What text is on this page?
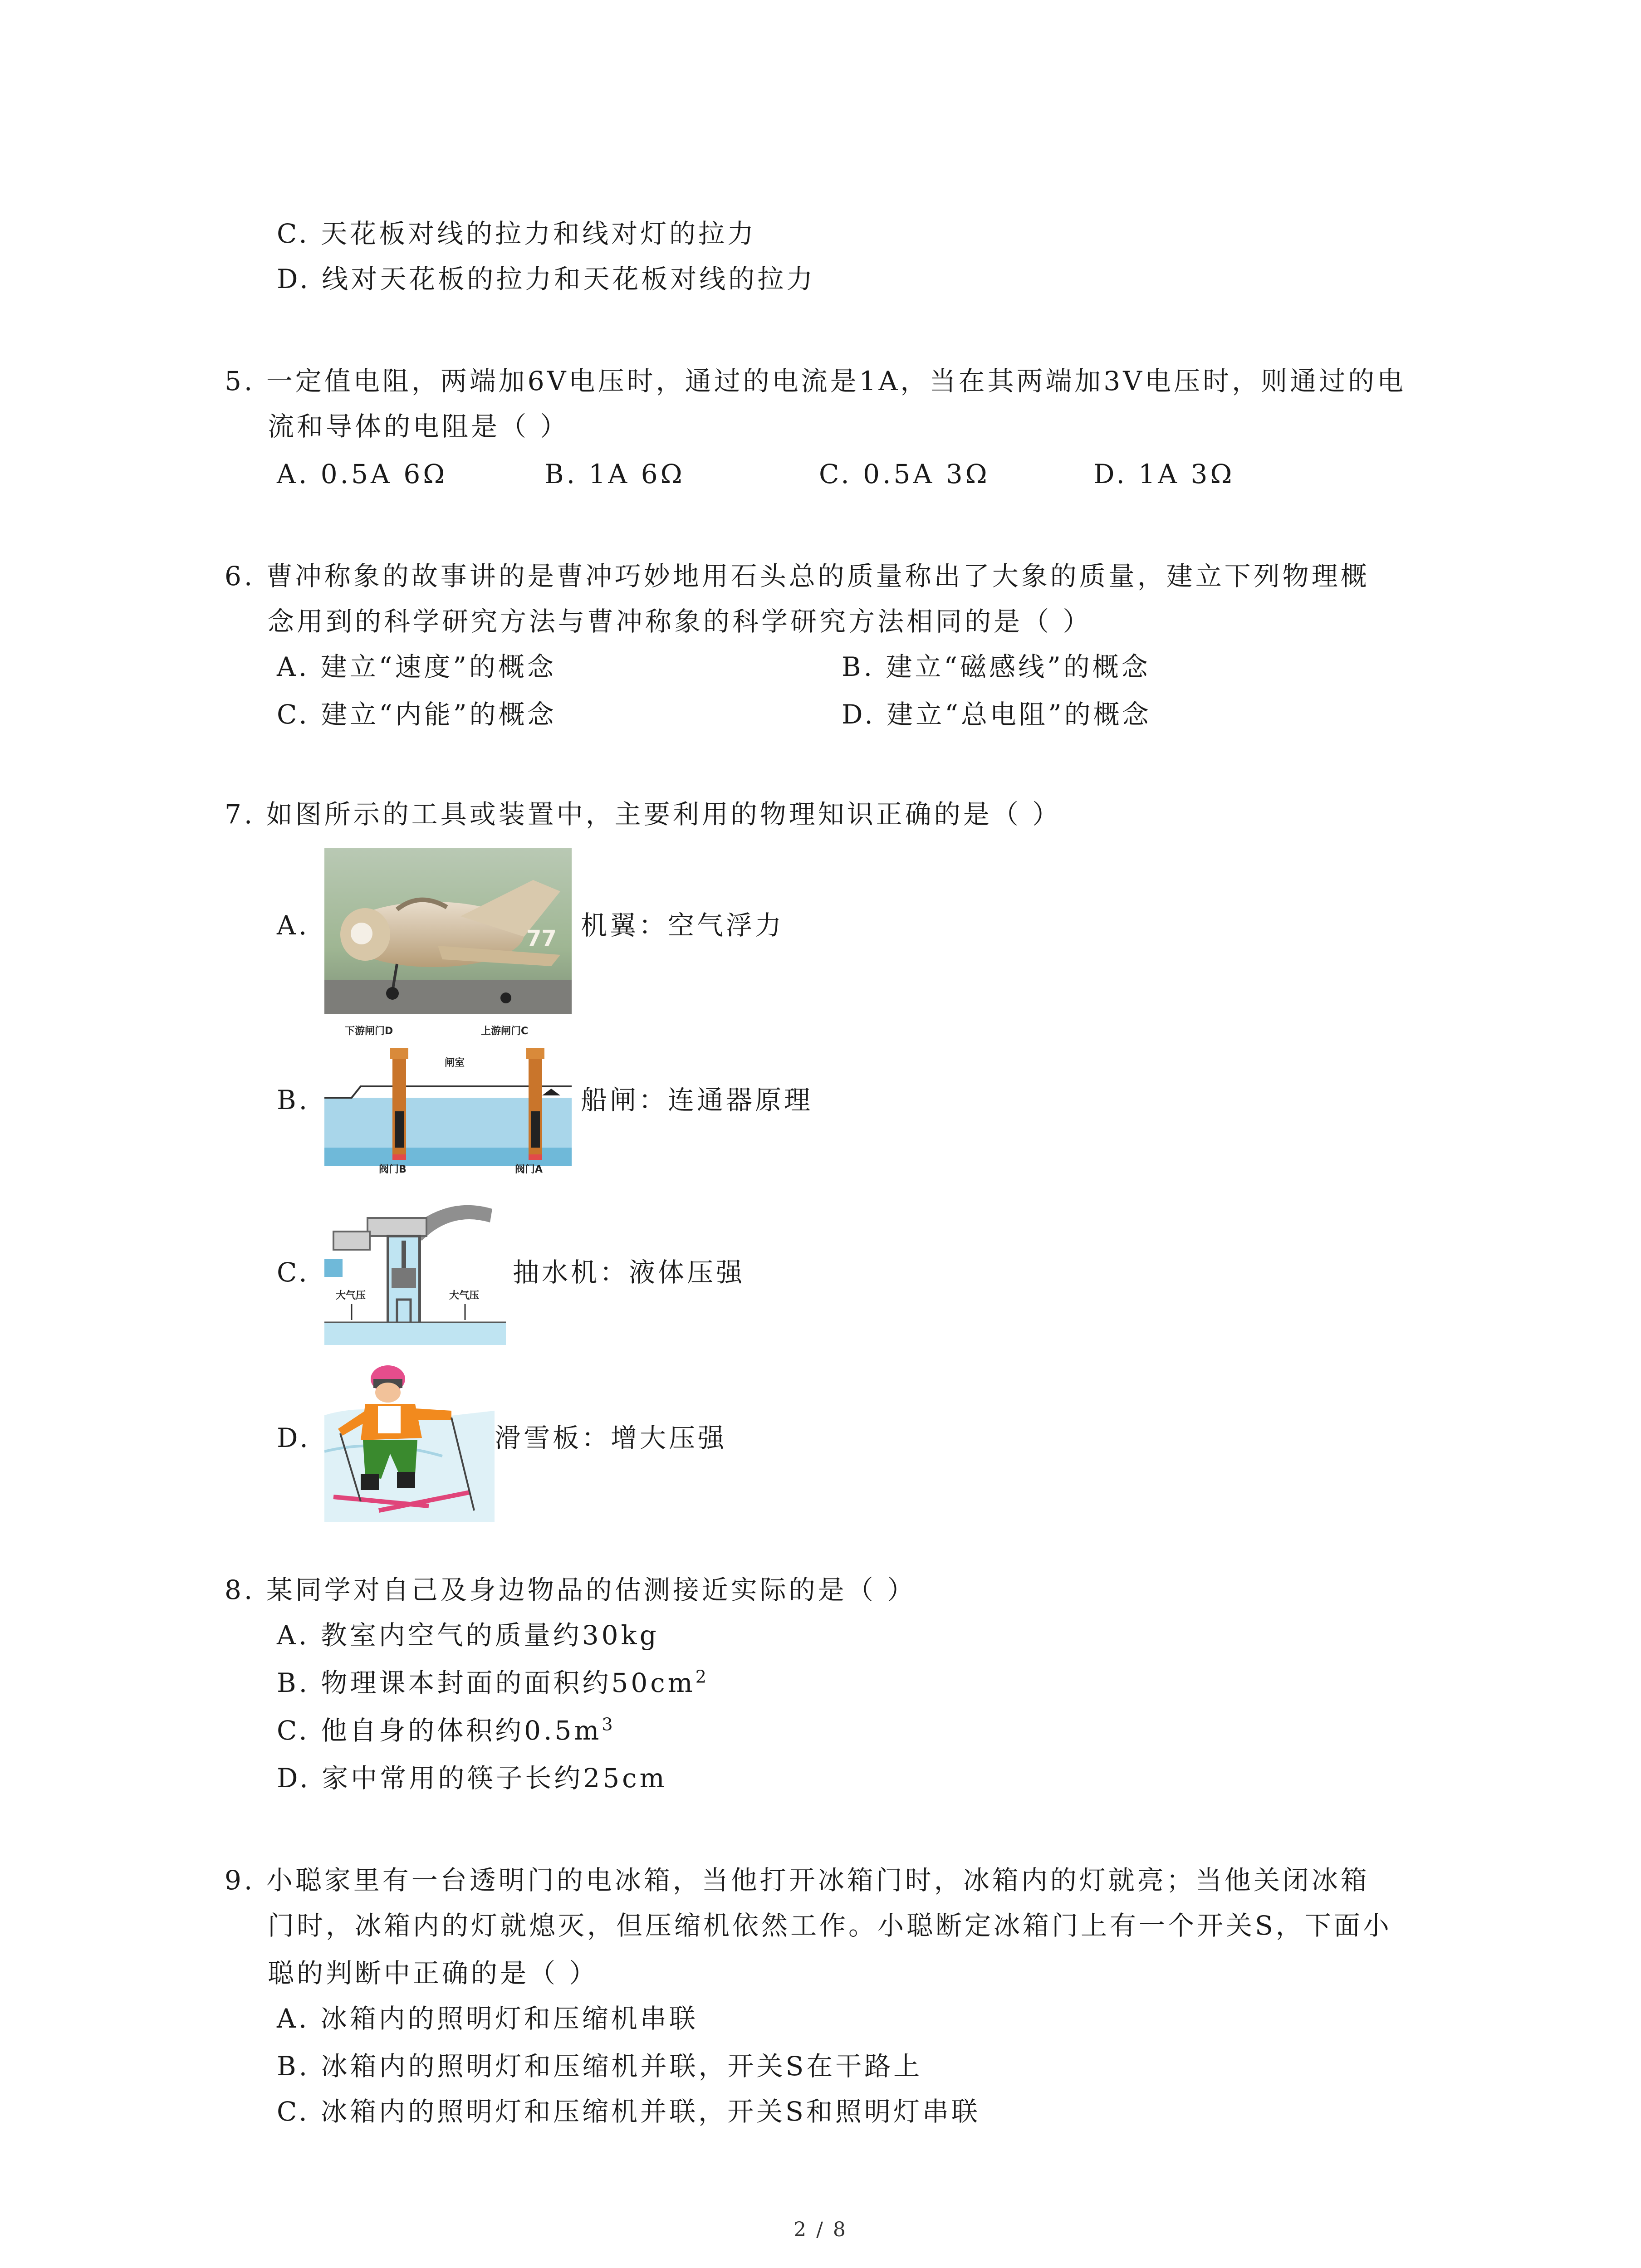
C. 天花板对线的拉力和线对灯的拉力
D. 线对天花板的拉力和天花板对线的拉力
5. 一定值电阻，两端加6V电压时，通过的电流是1A，当在其两端加3V电压时，则通过的电
流和导体的电阻是（ ）
A. 0.5A 6Ω	B. 1A 6Ω	C. 0.5A 3Ω	D. 1A 3Ω
6. 曹冲称象的故事讲的是曹冲巧妙地用石头总的质量称出了大象的质量，建立下列物理概
念用到的科学研究方法与曹冲称象的科学研究方法相同的是（ ）
A. 建立“速度”的概念	B. 建立“磁感线”的概念
C. 建立“内能”的概念	D. 建立“总电阻”的概念
7. 如图所示的工具或装置中，主要利用的物理知识正确的是（ ）
A.	77 机翼：空气浮力
B.
下游闸门D	上游闸门C
闸室
阀门B	阀门A
船闸：连通器原理
C.
大气压	大气压
抽水机：液体压强
D.	滑雪板：增大压强
8. 某同学对自己及身边物品的估测接近实际的是（ ）
A. 教室内空气的质量约30kg
B. 物理课本封面的面积约$50cm^2$
C. 他自身的体积约$0.5m^3$
D. 家中常用的筷子长约25cm
9. 小聪家里有一台透明门的电冰箱，当他打开冰箱门时，冰箱内的灯就亮；当他关闭冰箱
门时，冰箱内的灯就熄灭，但压缩机依然工作。小聪断定冰箱门上有一个开关S，下面小
聪的判断中正确的是（ ）
A. 冰箱内的照明灯和压缩机串联
B. 冰箱内的照明灯和压缩机并联，开关S在干路上
C. 冰箱内的照明灯和压缩机并联，开关S和照明灯串联
2 / 8
